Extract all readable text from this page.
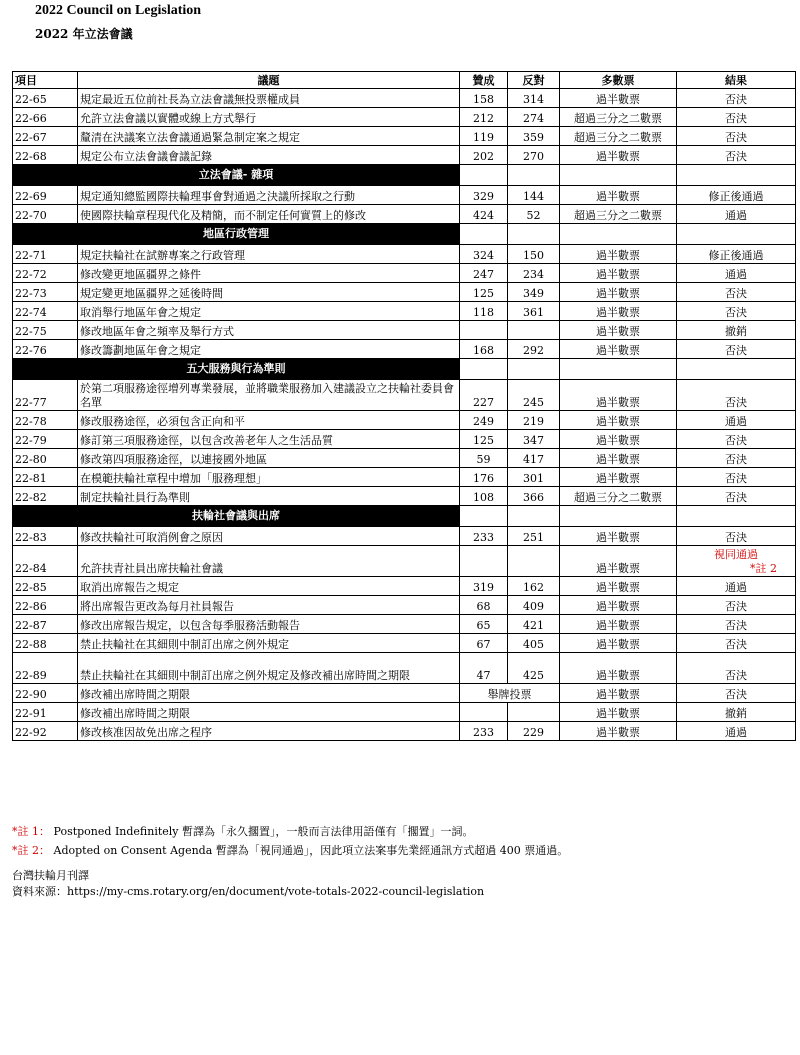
2022 Council on Legislation
2022 年立法會議
項目	議題	贊成	反對	多數票	結果
22-65	規定最近五位前社長為立法會議無投票權成員	158	314	過半數票	否決

22-66	允許立法會議以實體或線上方式舉行	212	274	超過三分之二數票	否決

22-67	釐清在決議案立法會議通過緊急制定案之規定	119	359	超過三分之二數票	否決

22-68	規定公布立法會議會議記錄	202	270	過半數票	否決

立法會議- 雜項					
22-69	規定通知總監國際扶輪理事會對通過之決議所採取之行動	329	144	過半數票	修正後通過

22-70	使國際扶輪章程現代化及精簡，而不制定任何實質上的修改	424	52	超過三分之二數票	通過

地區行政管理					
22-71	規定扶輪社在試辦專案之行政管理	324	150	過半數票	修正後通過

22-72	修改變更地區疆界之條件	247	234	過半數票	通過

22-73	規定變更地區疆界之延後時間	125	349	過半數票	否決

22-74	取消舉行地區年會之規定	118	361	過半數票	否決

22-75	修改地區年會之頻率及舉行方式			過半數票	撤銷

22-76	修改籌劃地區年會之規定	168	292	過半數票	否決

五大服務與行為準則					
22-77	於第二項服務途徑增列專業發展，並將職業服務加入建議設立之扶輪社委員會名單	227	245	過半數票	否決

22-78	修改服務途徑，必須包含正向和平	249	219	過半數票	通過

22-79	修訂第三項服務途徑，以包含改善老年人之生活品質	125	347	過半數票	否決

22-80	修改第四項服務途徑，以連接國外地區	59	417	過半數票	否決

22-81	在模範扶輪社章程中增加「服務理想」	176	301	過半數票	否決

22-82	制定扶輪社員行為準則	108	366	超過三分之二數票	否決

扶輪社會議與出席					
22-83	修改扶輪社可取消例會之原因	233	251	過半數票	否決

22-84	允許扶青社員出席扶輪社會議			過半數票	視同通過
*註 2

22-85	取消出席報告之規定	319	162	過半數票	通過

22-86	將出席報告更改為每月社員報告	68	409	過半數票	否決

22-87	修改出席報告規定，以包含每季服務活動報告	65	421	過半數票	否決

22-88	禁止扶輪社在其細則中制訂出席之例外規定	67	405	過半數票	否決

22-89	禁止扶輪社在其細則中制訂出席之例外規定及修改補出席時間之期限	47	425	過半數票	否決

22-90	修改補出席時間之期限	舉牌投票		過半數票	否決

22-91	修改補出席時間之期限			過半數票	撤銷

22-92	修改核准因故免出席之程序	233	229	過半數票	通過
*註 1： Postponed Indefinitely 暫譯為「永久擱置」，一般而言法律用語僅有「擱置」一詞。
*註 2： Adopted on Consent Agenda 暫譯為「視同通過」，因此項立法案事先業經通訊方式超過 400 票通過。
台灣扶輪月刊譯
資料來源：https://my-cms.rotary.org/en/document/vote-totals-2022-council-legislation
